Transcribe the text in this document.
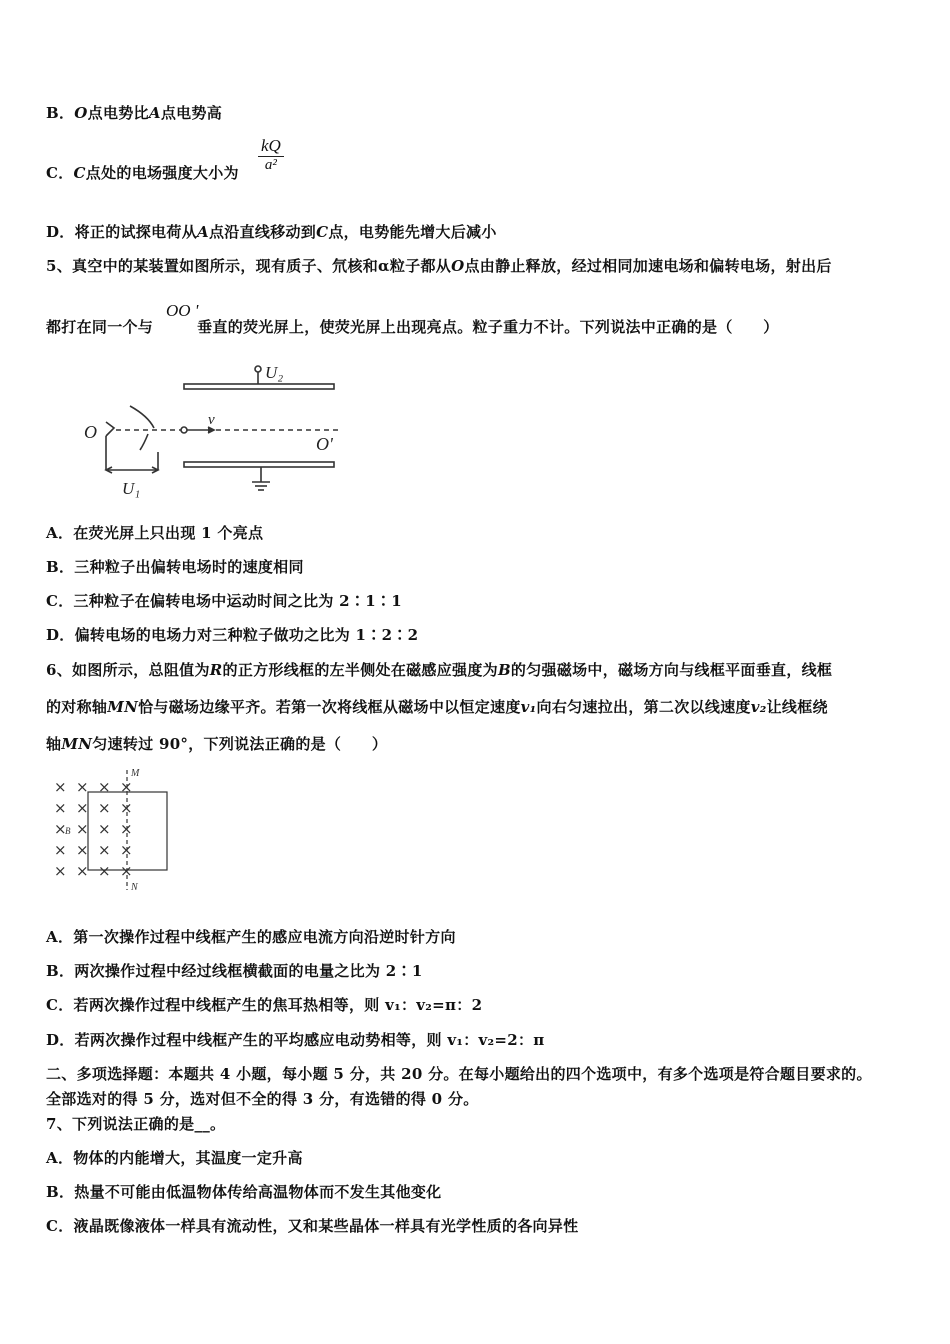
B．O点电势比A点电势高
C．C点处的电场强度大小为 $\frac{kQ}{\text{a²}}$
D．将正的试探电荷从A点沿直线移动到C点，电势能先增大后减小
5、真空中的某装置如图所示，现有质子、氘核和α粒子都从O点由静止释放，经过相同加速电场和偏转电场，射出后
都打在同一个与	垂直的荧光屏上，使荧光屏上出现亮点。粒子重力不计。下列说法中正确的是（　　）
OO '
U₂
v
O
O'
U₁
A．在荧光屏上只出现 1 个亮点
B．三种粒子出偏转电场时的速度相同
C．三种粒子在偏转电场中运动时间之比为 2∶1∶1
D．偏转电场的电场力对三种粒子做功之比为 1∶2∶2
6、如图所示，总阻值为R的正方形线框的左半侧处在磁感应强度为B的匀强磁场中，磁场方向与线框平面垂直，线框
的对称轴MN恰与磁场边缘平齐。若第一次将线框从磁场中以恒定速度v₁向右匀速拉出，第二次以线速度v₂让线框绕
轴MN匀速转过 90°，下列说法正确的是（　　）
× × × ×
× × × ×
× × × ×
× × × ×
× × × ×
M
N
B
A．第一次操作过程中线框产生的感应电流方向沿逆时针方向
B．两次操作过程中经过线框横截面的电量之比为 2∶1
C．若两次操作过程中线框产生的焦耳热相等，则 v₁：v₂=π：2
D．若两次操作过程中线框产生的平均感应电动势相等，则 v₁：v₂=2：π
二、多项选择题：本题共 4 小题，每小题 5 分，共 20 分。在每小题给出的四个选项中，有多个选项是符合题目要求的。
全部选对的得 5 分，选对但不全的得 3 分，有选错的得 0 分。
7、下列说法正确的是__。
A．物体的内能增大，其温度一定升高
B．热量不可能由低温物体传给高温物体而不发生其他变化
C．液晶既像液体一样具有流动性，又和某些晶体一样具有光学性质的各向异性
